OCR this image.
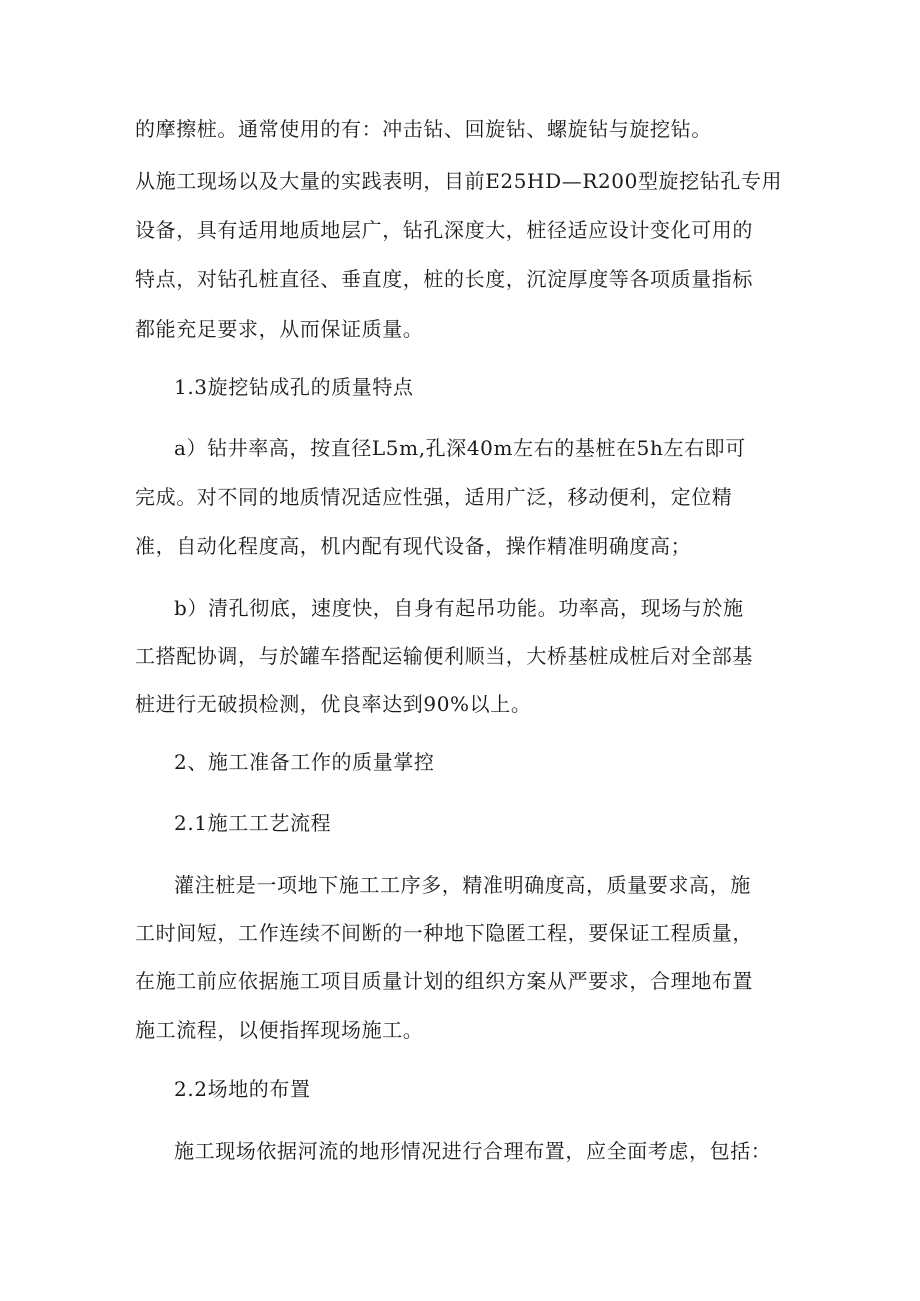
的摩擦桩。通常使用的有：冲击钻、回旋钻、螺旋钻与旋挖钻。
从施工现场以及大量的实践表明，目前E25HD—R200型旋挖钻孔专用
设备，具有适用地质地层广，钻孔深度大，桩径适应设计变化可用的
特点，对钻孔桩直径、垂直度，桩的长度，沉淀厚度等各项质量指标
都能充足要求，从而保证质量。
1.3旋挖钻成孔的质量特点
a）钻井率高，按直径L5m,孔深40m左右的基桩在5h左右即可
完成。对不同的地质情况适应性强，适用广泛，移动便利，定位精
准，自动化程度高，机内配有现代设备，操作精准明确度高；
b）清孔彻底，速度快，自身有起吊功能。功率高，现场与於施
工搭配协调，与於罐车搭配运输便利顺当，大桥基桩成桩后对全部基
桩进行无破损检测，优良率达到90%以上。
2、施工准备工作的质量掌控
2.1施工工艺流程
灌注桩是一项地下施工工序多，精准明确度高，质量要求高，施
工时间短，工作连续不间断的一种地下隐匿工程，要保证工程质量，
在施工前应依据施工项目质量计划的组织方案从严要求，合理地布置
施工流程，以便指挥现场施工。
2.2场地的布置
施工现场依据河流的地形情况进行合理布置，应全面考虑，包括：
